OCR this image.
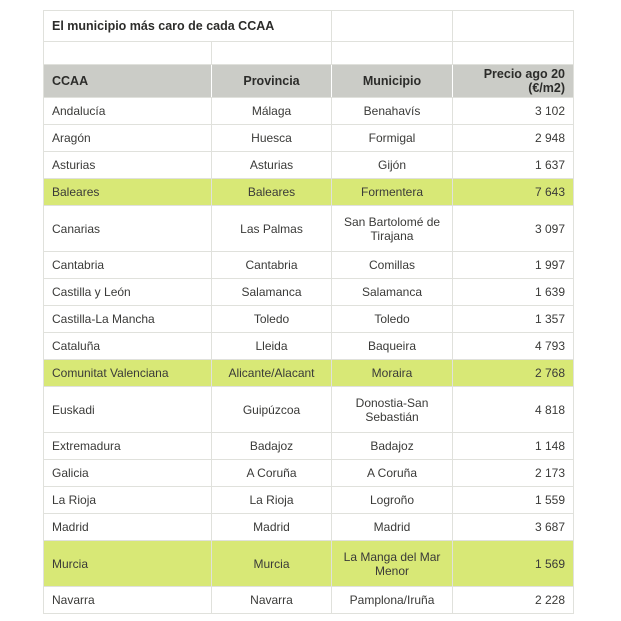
El municipio más caro de cada CCAA			

CCAA	Provincia	Municipio	Precio ago 20 (€/m2)
Andalucía	Málaga	Benahavís	3 102
Aragón	Huesca	Formigal	2 948
Asturias	Asturias	Gijón	1 637
Baleares	Baleares	Formentera	7 643
Canarias	Las Palmas	San Bartolomé de Tirajana	3 097
Cantabria	Cantabria	Comillas	1 997
Castilla y León	Salamanca	Salamanca	1 639
Castilla-La Mancha	Toledo	Toledo	1 357
Cataluña	Lleida	Baqueira	4 793
Comunitat Valenciana	Alicante/Alacant	Moraira	2 768
Euskadi	Guipúzcoa	Donostia-San Sebastián	4 818
Extremadura	Badajoz	Badajoz	1 148
Galicia	A Coruña	A Coruña	2 173
La Rioja	La Rioja	Logroño	1 559
Madrid	Madrid	Madrid	3 687
Murcia	Murcia	La Manga del Mar Menor	1 569
Navarra	Navarra	Pamplona/Iruña	2 228
